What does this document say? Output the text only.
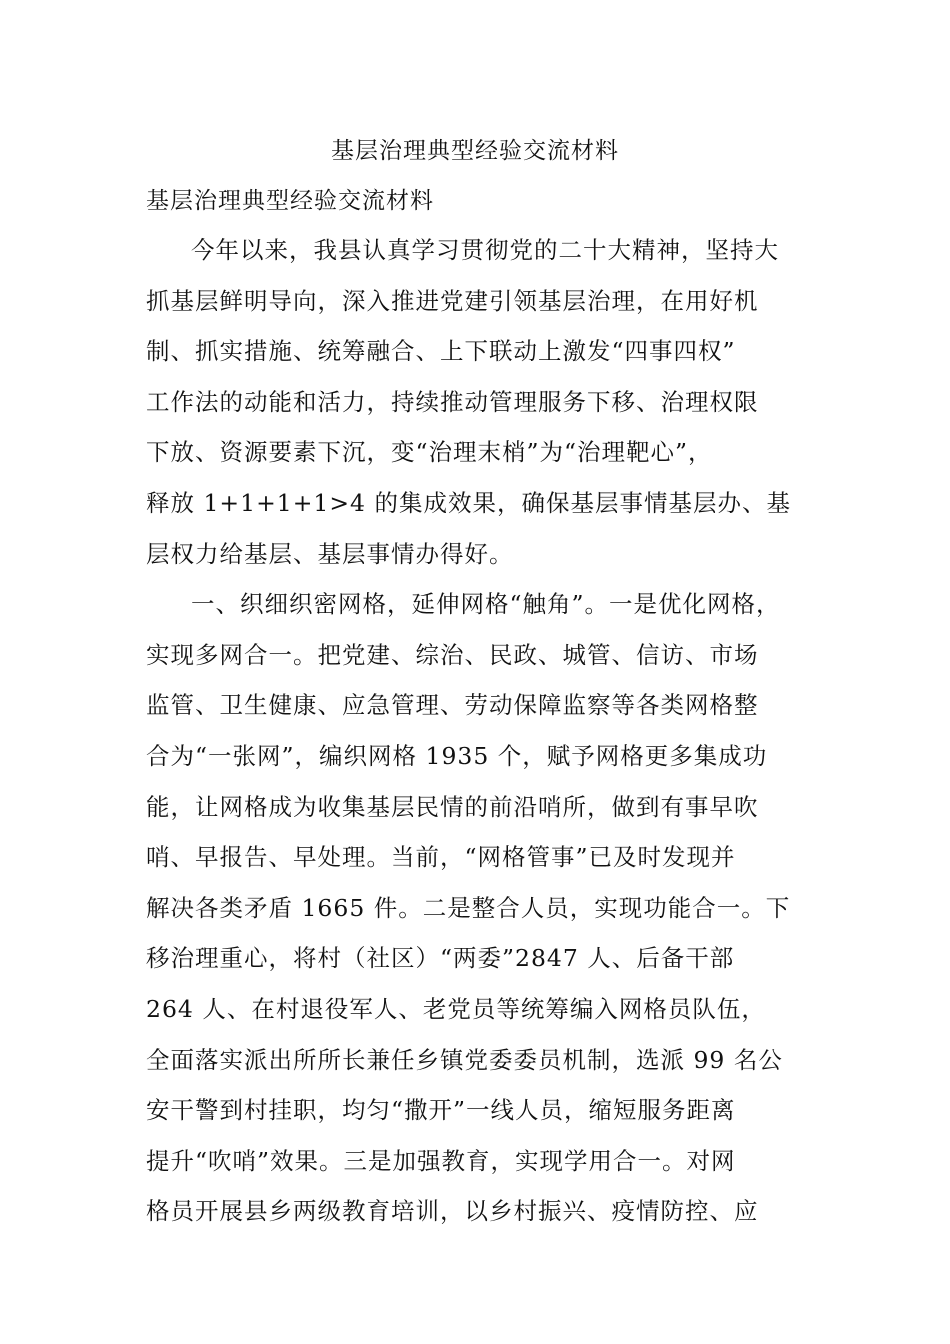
基层治理典型经验交流材料
基层治理典型经验交流材料
今年以来，我县认真学习贯彻党的二十大精神，坚持大
抓基层鲜明导向，深入推进党建引领基层治理，在用好机
制、抓实措施、统筹融合、上下联动上激发“四事四权”
工作法的动能和活力，持续推动管理服务下移、治理权限
下放、资源要素下沉，变“治理末梢”为“治理靶心”，
释放 1+1+1+1>4 的集成效果，确保基层事情基层办、基
层权力给基层、基层事情办得好。
一、织细织密网格，延伸网格“触角”。一是优化网格，
实现多网合一。把党建、综治、民政、城管、信访、市场
监管、卫生健康、应急管理、劳动保障监察等各类网格整
合为“一张网”，编织网格 1935 个，赋予网格更多集成功
能，让网格成为收集基层民情的前沿哨所，做到有事早吹
哨、早报告、早处理。当前，“网格管事”已及时发现并
解决各类矛盾 1665 件。二是整合人员，实现功能合一。下
移治理重心，将村（社区）“两委”2847 人、后备干部
264 人、在村退役军人、老党员等统筹编入网格员队伍，
全面落实派出所所长兼任乡镇党委委员机制，选派 99 名公
安干警到村挂职，均匀“撒开”一线人员，缩短服务距离
提升“吹哨”效果。三是加强教育，实现学用合一。对网
格员开展县乡两级教育培训，以乡村振兴、疫情防控、应
